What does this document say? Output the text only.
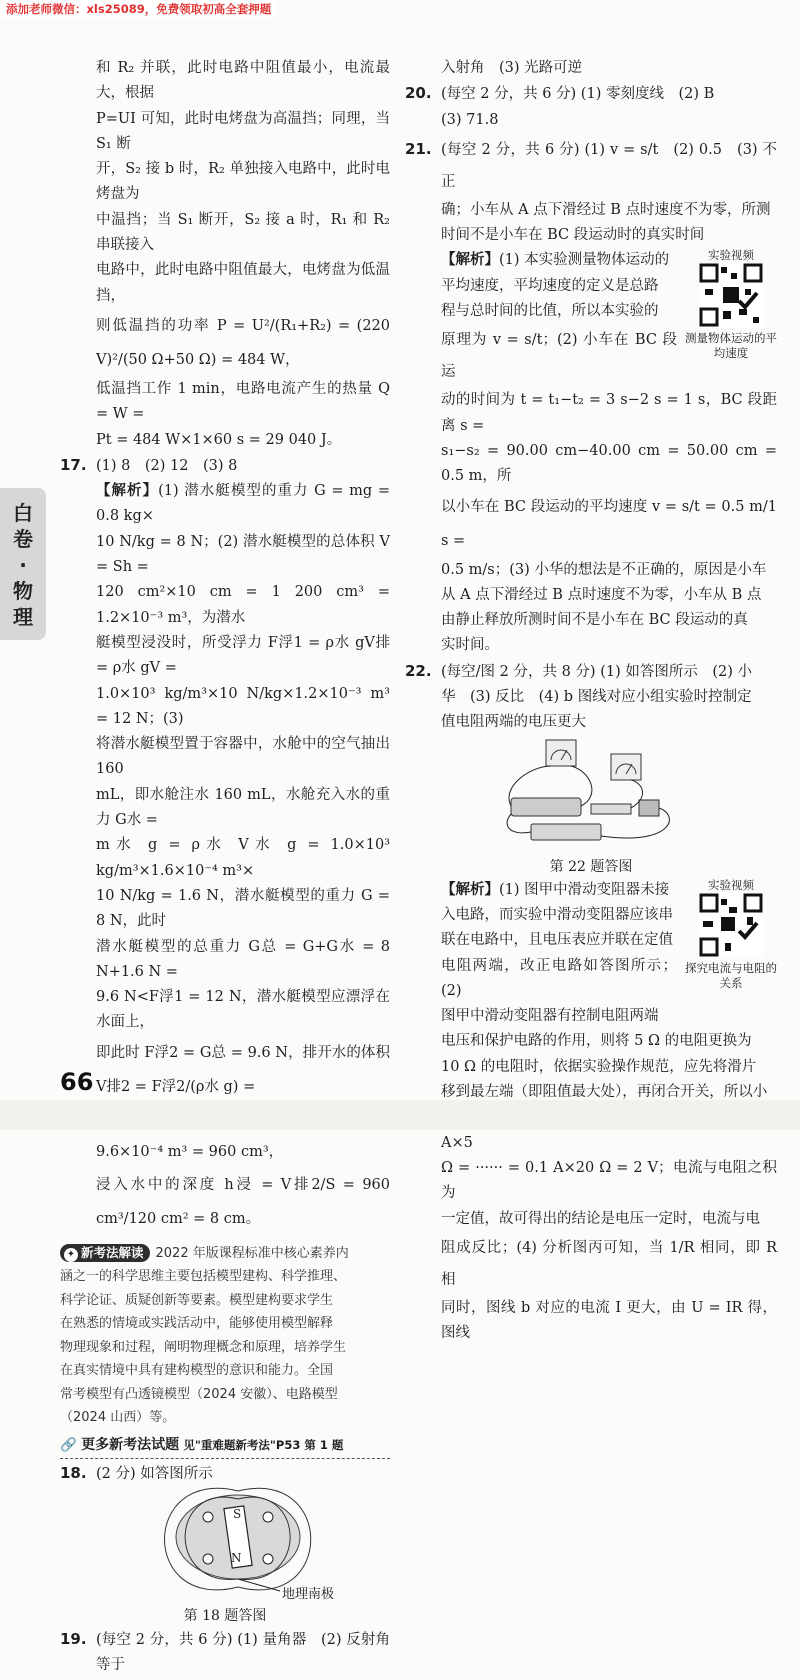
添加老师微信：xls25089，免费领取初高全套押题
白卷·物理

和 R₂ 并联，此时电路中阻值最小，电流最大，根据

P=UI 可知，此时电烤盘为高温挡；同理，当 S₁ 断

开，S₂ 接 b 时，R₂ 单独接入电路中，此时电烤盘为

中温挡；当 S₁ 断开，S₂ 接 a 时，R₁ 和 R₂ 串联接入

电路中，此时电路中阻值最大，电烤盘为低温挡，

则低温挡的功率 P = U²/(R₁+R₂) = (220 V)²/(50 Ω+50 Ω) = 484 W，

低温挡工作 1 min，电路电流产生的热量 Q = W =

Pt = 484 W×1×60 s = 29 040 J。

17. (1) 8　(2) 12　(3) 8

【解析】(1) 潜水艇模型的重力 G = mg = 0.8 kg×

10 N/kg = 8 N；(2) 潜水艇模型的总体积 V = Sh =

120 cm²×10 cm = 1 200 cm³ = 1.2×10⁻³ m³，为潜水

艇模型浸没时，所受浮力 F浮1 = ρ水 gV排 = ρ水 gV =

1.0×10³ kg/m³×10 N/kg×1.2×10⁻³ m³ = 12 N；(3)

将潜水艇模型置于容器中，水舱中的空气抽出 160

mL，即水舱注水 160 mL，水舱充入水的重力 G水 =

m水 g = ρ水 V水 g = 1.0×10³ kg/m³×1.6×10⁻⁴ m³×

10 N/kg = 1.6 N，潜水艇模型的重力 G = 8 N，此时

潜水艇模型的总重力 G总 = G+G水 = 8 N+1.6 N =

9.6 N<F浮1 = 12 N，潜水艇模型应漂浮在水面上，

即此时 F浮2 = G总 = 9.6 N，排开水的体积 V排2 = F浮2/(ρ水 g) =

9.6×10⁻⁴ m³ = 960 cm³，

浸入水中的深度 h浸 = V排2/S = 960 cm³/120 cm² = 8 cm。

✦ 新考法解读 2022 年版课程标准中核心素养内

涵之一的科学思维主要包括模型建构、科学推理、

科学论证、质疑创新等要素。模型建构要求学生

在熟悉的情境或实践活动中，能够使用模型解释

物理现象和过程，阐明物理概念和原理，培养学生

在真实情境中具有建构模型的意识和能力。全国

常考模型有凸透镜模型（2024 安徽）、电路模型

（2024 山西）等。

🔗 更多新考法试题 见"重难题新考法"P53 第 1 题

18. (2 分) 如答图所示

S
N
地理南极
第 18 题答图

19. (每空 2 分，共 6 分) (1) 量角器　(2) 反射角等于

入射角　(3) 光路可逆

20. (每空 2 分，共 6 分) (1) 零刻度线　(2) B

(3) 71.8

21. (每空 2 分，共 6 分) (1) v = s/t　(2) 0.5　(3) 不正

确；小车从 A 点下滑经过 B 点时速度不为零，所测

时间不是小车在 BC 段运动时的真实时间

实验视频
测量物体运动的平均速度

【解析】(1) 本实验测量物体运动的

平均速度，平均速度的定义是总路

程与总时间的比值，所以本实验的

原理为 v = s/t；(2) 小车在 BC 段运

动的时间为 t = t₁−t₂ = 3 s−2 s = 1 s，BC 段距离 s =

s₁−s₂ = 90.00 cm−40.00 cm = 50.00 cm = 0.5 m，所

以小车在 BC 段运动的平均速度 v = s/t = 0.5 m/1 s =

0.5 m/s；(3) 小华的想法是不正确的，原因是小车

从 A 点下滑经过 B 点时速度不为零，小车从 B 点

由静止释放所测时间不是小车在 BC 段运动的真

实时间。

22. (每空/图 2 分，共 8 分) (1) 如答图所示　(2) 小

华　(3) 反比　(4) b 图线对应小组实验时控制定

值电阻两端的电压更大

第 22 题答图
实验视频
探究电流与电阻的关系

【解析】(1) 图甲中滑动变阻器未接

入电路，而实验中滑动变阻器应该串

联在电路中，且电压表应并联在定值

电阻两端，改正电路如答图所示；(2)

图甲中滑动变阻器有控制电阻两端

电压和保护电路的作用，则将 5 Ω 的电阻更换为

10 Ω 的电阻时，依据实验操作规范，应先将滑片

移到最左端（即阻值最大处），再闭合开关，所以小

A×5

Ω = ······ = 0.1 A×20 Ω = 2 V；电流与电阻之积为

一定值，故可得出的结论是电压一定时，电流与电

阻成反比；(4) 分析图丙可知，当 1/R 相同，即 R 相

同时，图线 b 对应的电流 I 更大，由 U = IR 得，图线

66
